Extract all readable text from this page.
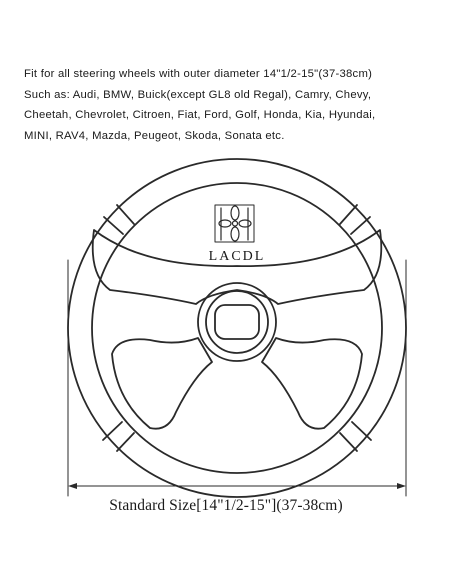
Fit for all steering wheels with outer diameter 14"1/2-15"(37-38cm)
Such as: Audi, BMW, Buick(except GL8 old Regal), Camry, Chevy,
Cheetah, Chevrolet, Citroen, Fiat, Ford, Golf, Honda, Kia, Hyundai,
MINI, RAV4, Mazda, Peugeot, Skoda, Sonata etc.
LACDL

Standard Size[14"1/2-15"](37-38cm)
